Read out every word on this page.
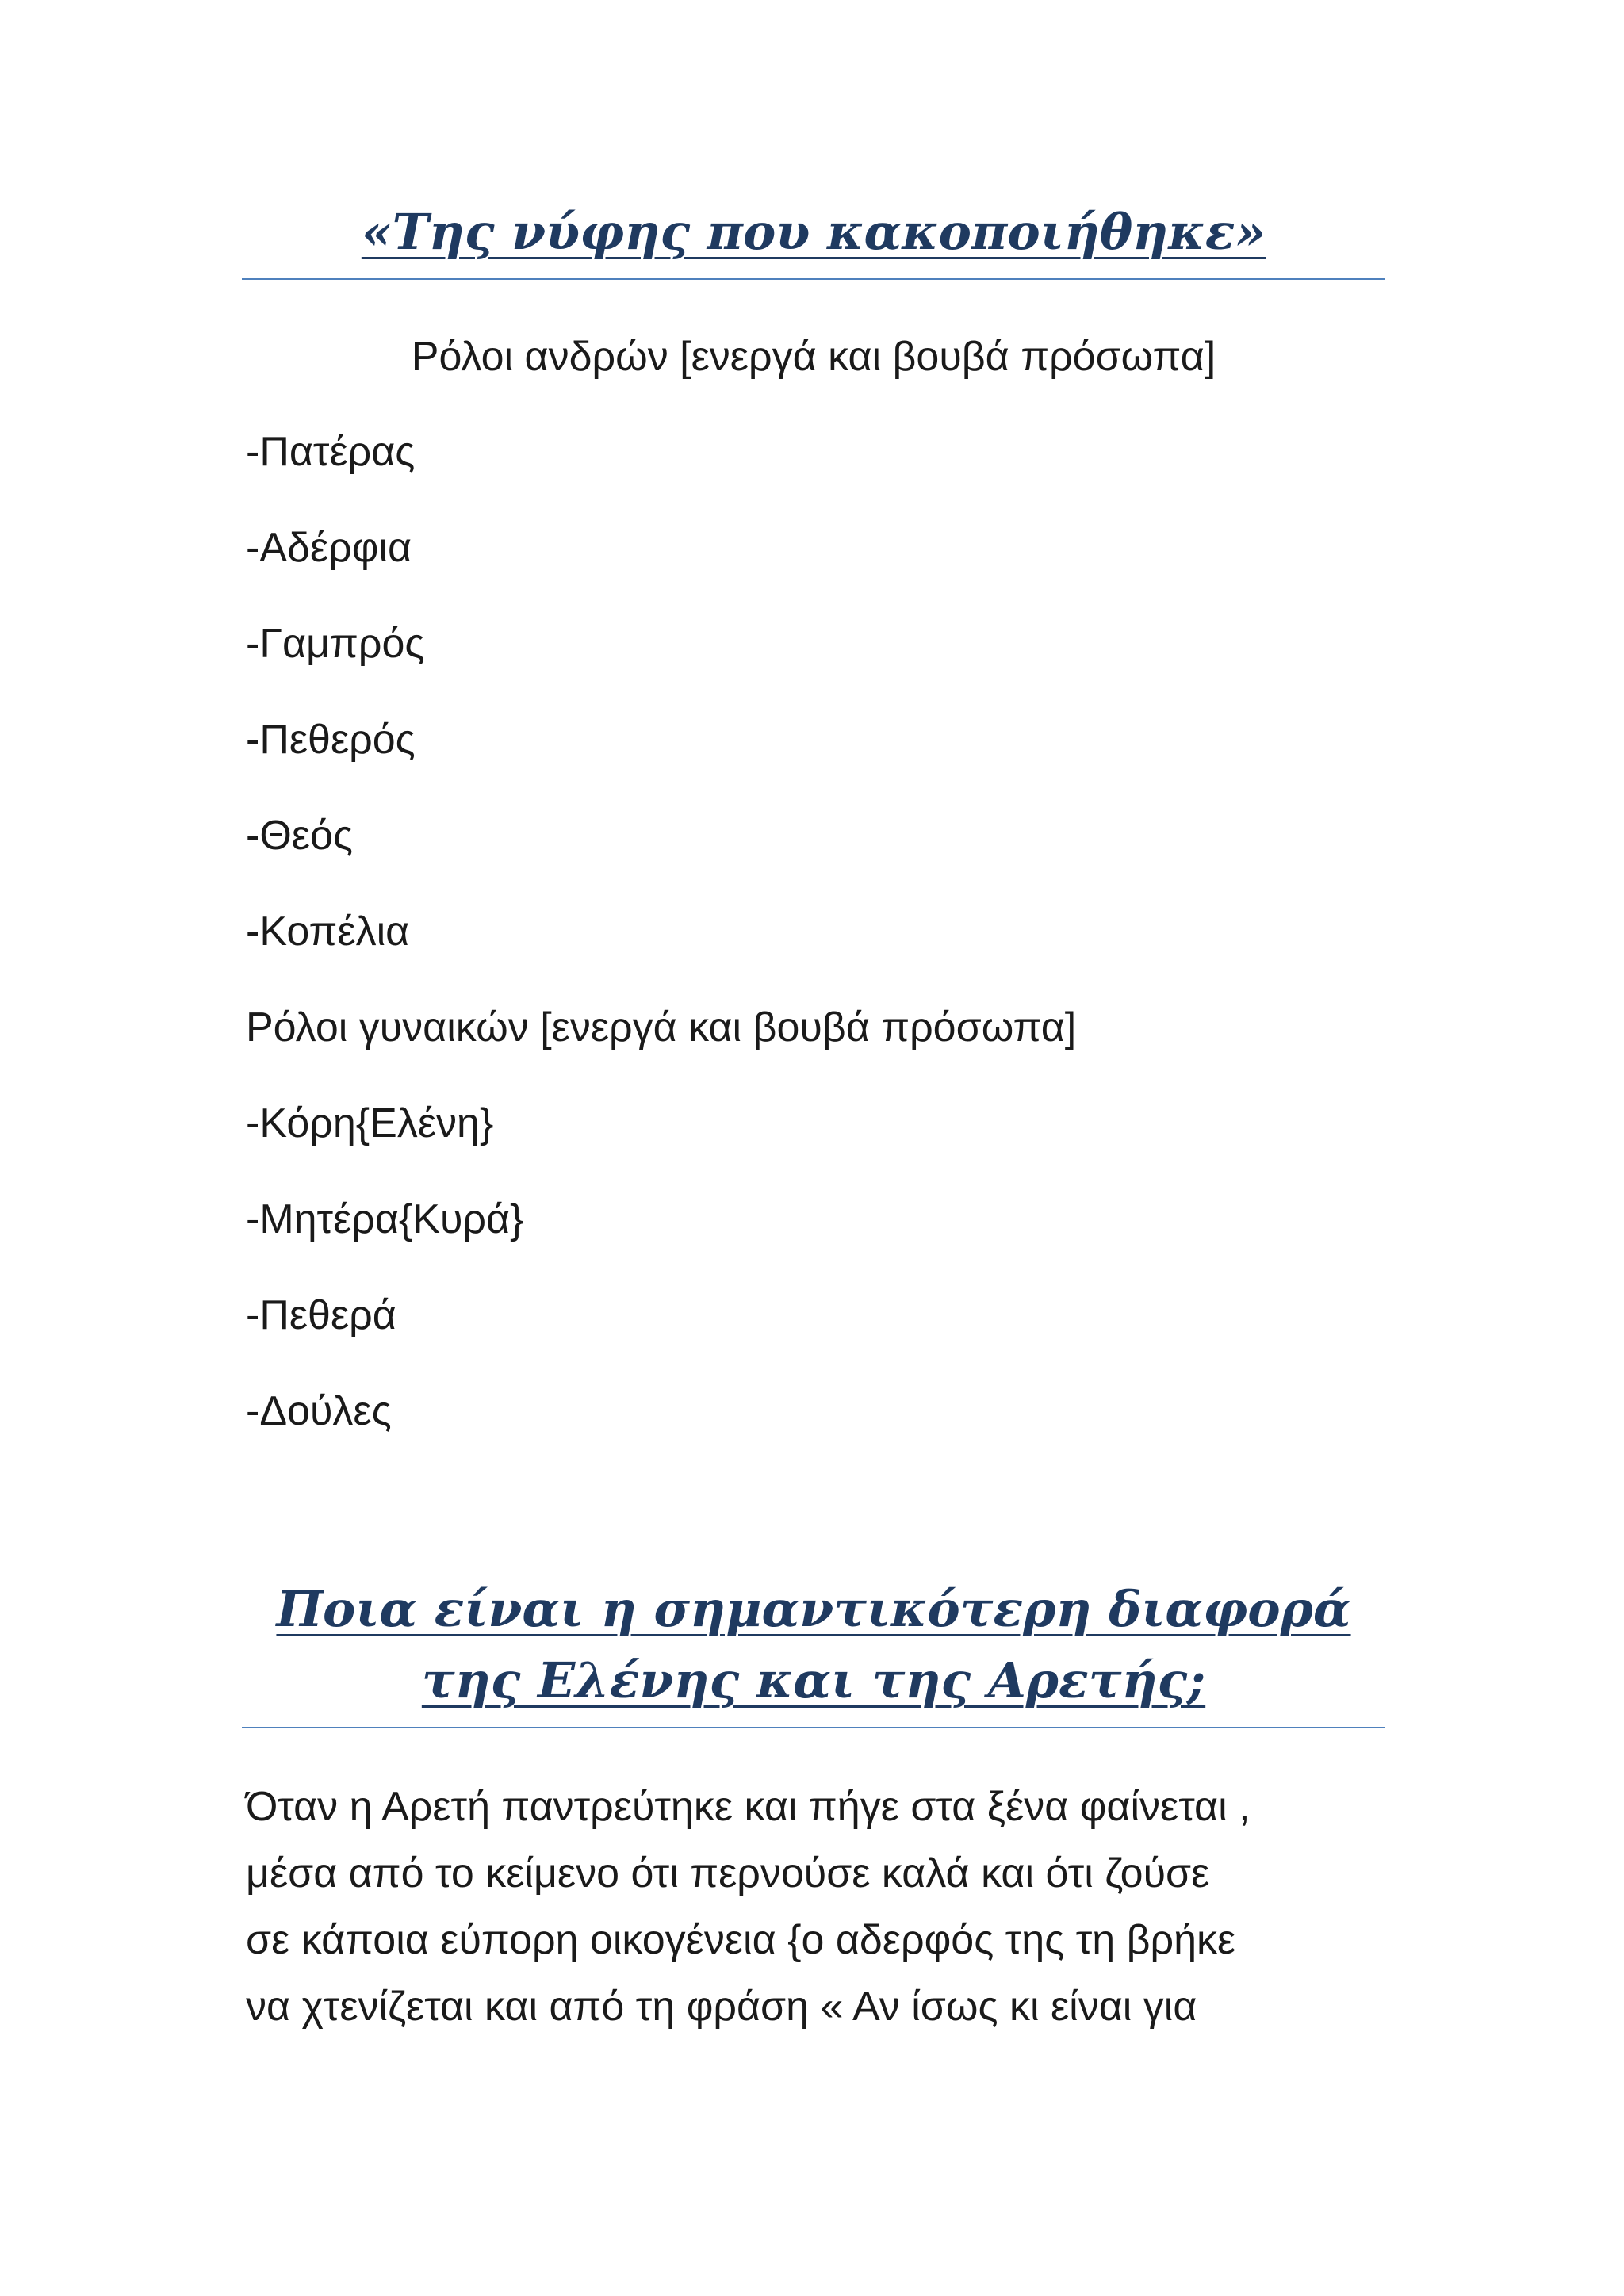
«Της νύφης που κακοποιήθηκε»

Ρόλοι ανδρών [ενεργά και βουβά πρόσωπα]

-Πατέρας

-Αδέρφια

-Γαμπρός

-Πεθερός

-Θεός

-Κοπέλια

Ρόλοι γυναικών [ενεργά και βουβά πρόσωπα]

-Κόρη{Ελένη}

-Μητέρα{Κυρά}

-Πεθερά

-Δούλες

Ποια είναι η σημαντικότερη διαφορά
της Ελένης και της Αρετής;

Όταν η Αρετή παντρεύτηκε και πήγε στα ξένα φαίνεται ,
μέσα από το κείμενο ότι περνούσε καλά και ότι ζούσε
σε κάποια εύπορη οικογένεια {ο αδερφός της τη βρήκε
να χτενίζεται και από τη φράση « Αν ίσως κι είναι για
